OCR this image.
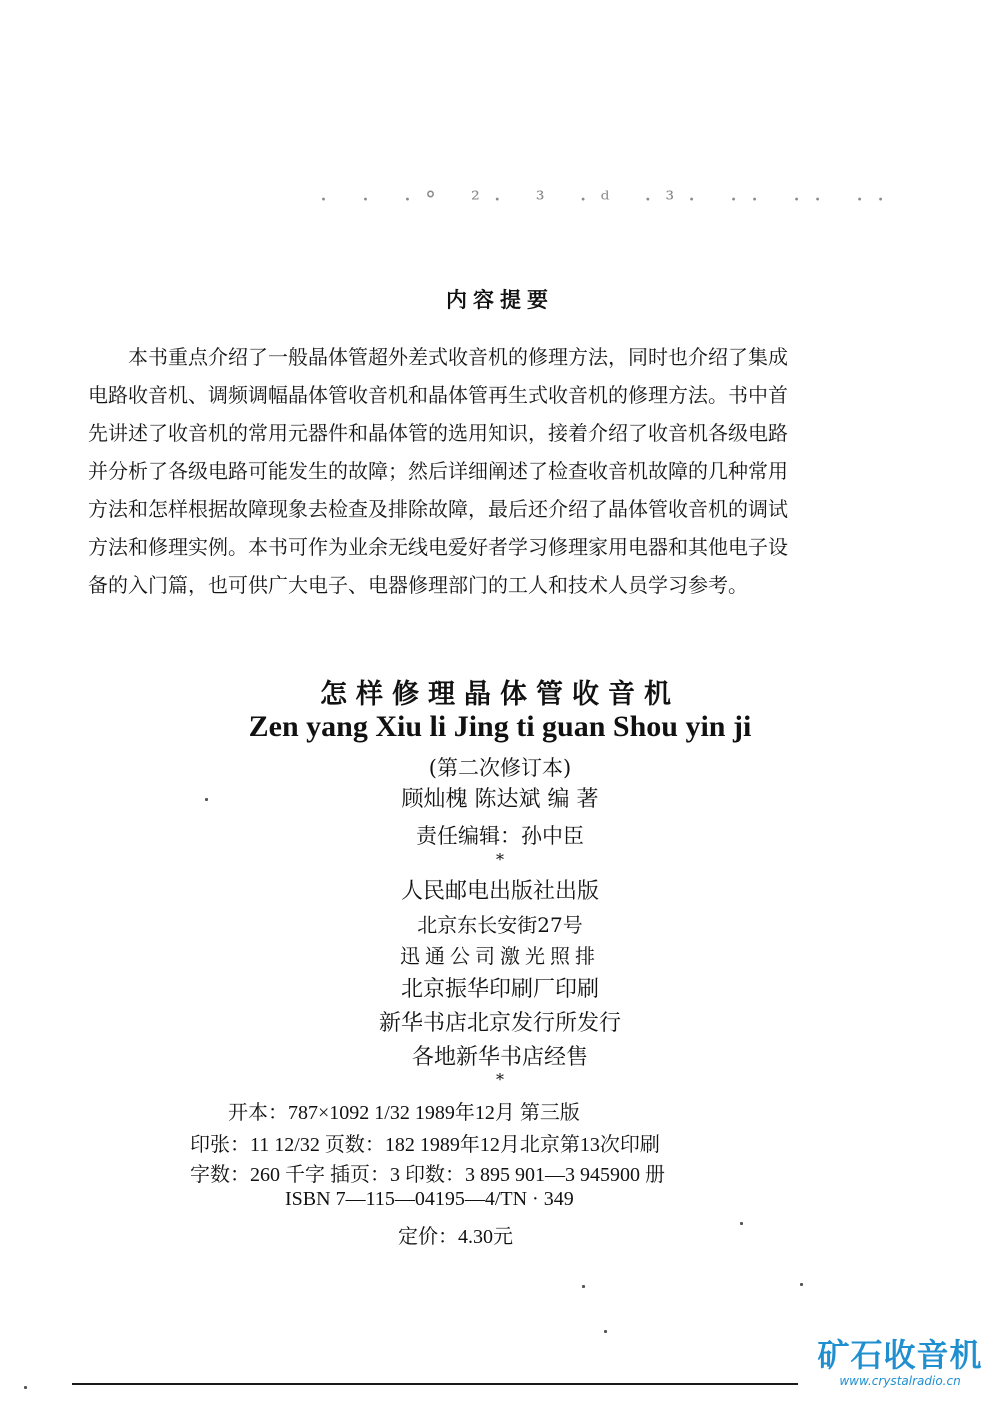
· · ·° ²· ³ ·ᵈ ·³· ·· ·· ··
内容提要
本书重点介绍了一般晶体管超外差式收音机的修理方法，同时也介绍了集成
电路收音机、调频调幅晶体管收音机和晶体管再生式收音机的修理方法。书中首
先讲述了收音机的常用元器件和晶体管的选用知识，接着介绍了收音机各级电路
并分析了各级电路可能发生的故障；然后详细阐述了检查收音机故障的几种常用
方法和怎样根据故障现象去检查及排除故障，最后还介绍了晶体管收音机的调试
方法和修理实例。本书可作为业余无线电爱好者学习修理家用电器和其他电子设
备的入门篇，也可供广大电子、电器修理部门的工人和技术人员学习参考。
怎样修理晶体管收音机
Zen yang Xiu li Jing ti guan Shou yin ji
(第二次修订本)
顾灿槐 陈达斌 编 著
责任编辑：孙中臣
*
人民邮电出版社出版
北京东长安街27号
迅通公司激光照排
北京振华印刷厂印刷
新华书店北京发行所发行
各地新华书店经售
*
开本：787×1092 1/32 1989年12月 第三版
印张：11 12/32 页数：182 1989年12月北京第13次印刷
字数：260 千字 插页：3 印数：3 895 901—3 945900 册
ISBN 7—115—04195—4/TN · 349
定价：4.30元
矿石收音机
www.crystalradio.cn
